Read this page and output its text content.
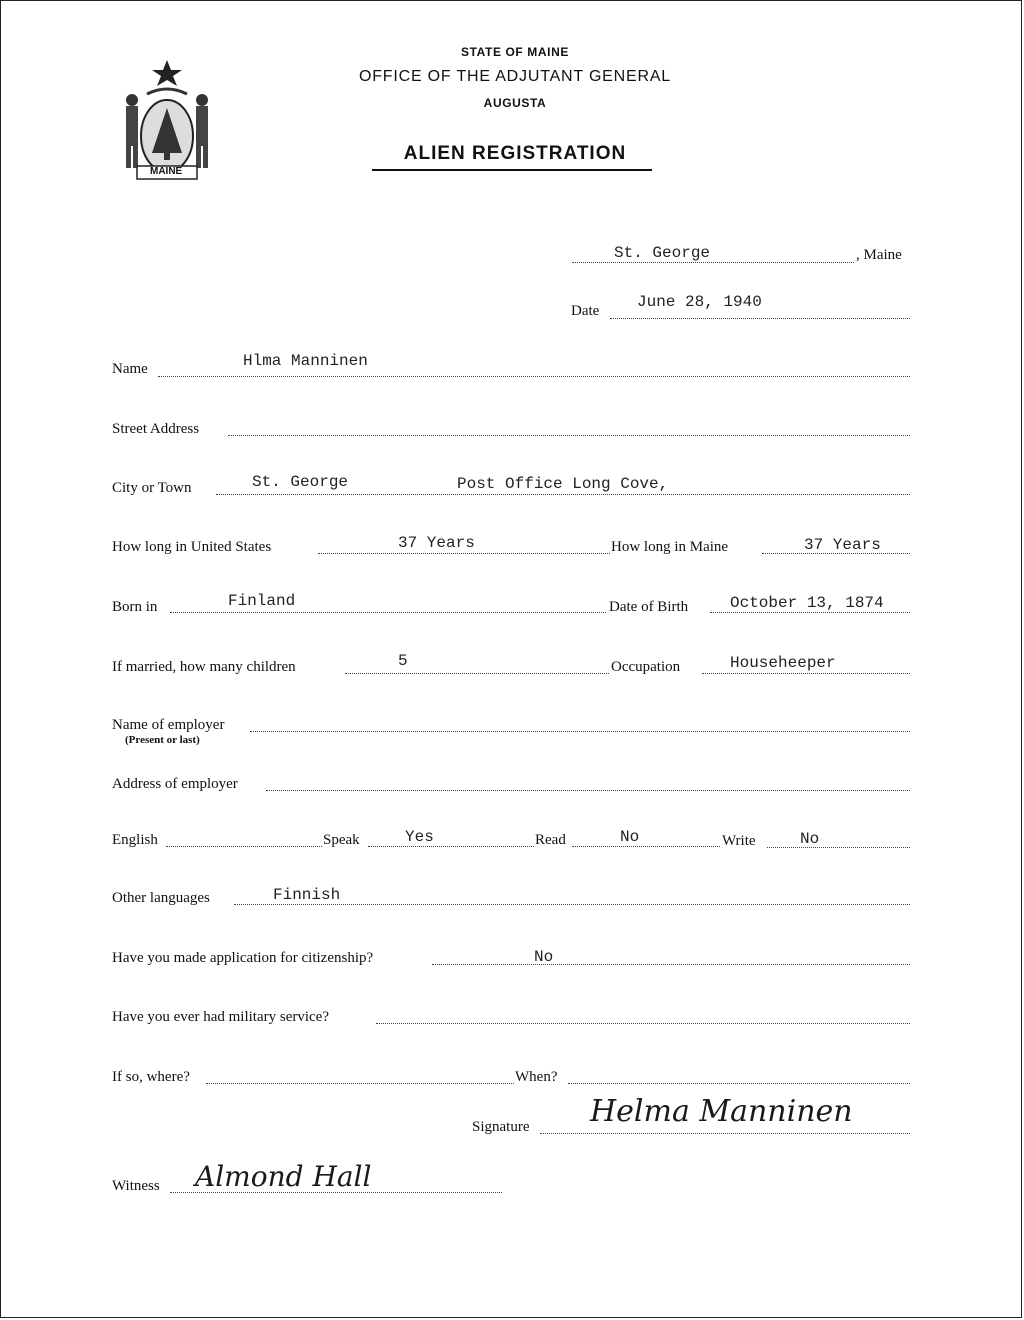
MAINE
STATE OF MAINE
OFFICE OF THE ADJUTANT GENERAL
AUGUSTA
ALIEN REGISTRATION
St. George	, Maine
Date June 28, 1940
Name	Hlma Manninen
Street Address
City or Town	St. George	Post Office Long Cove,
How long in United States	37 Years	How long in Maine	37 Years
Born in	Finland	Date of Birth	October 13, 1874
If married, how many children	5	Occupation	Househeeper
Name of employer
(Present or last)
Address of employer
English	Speak	Yes	Read	No	Write	No
Other languages	Finnish
Have you made application for citizenship?	No
Have you ever had military service?
If so, where?	When?
Signature Helma Manninen
Witness Almond Hall
